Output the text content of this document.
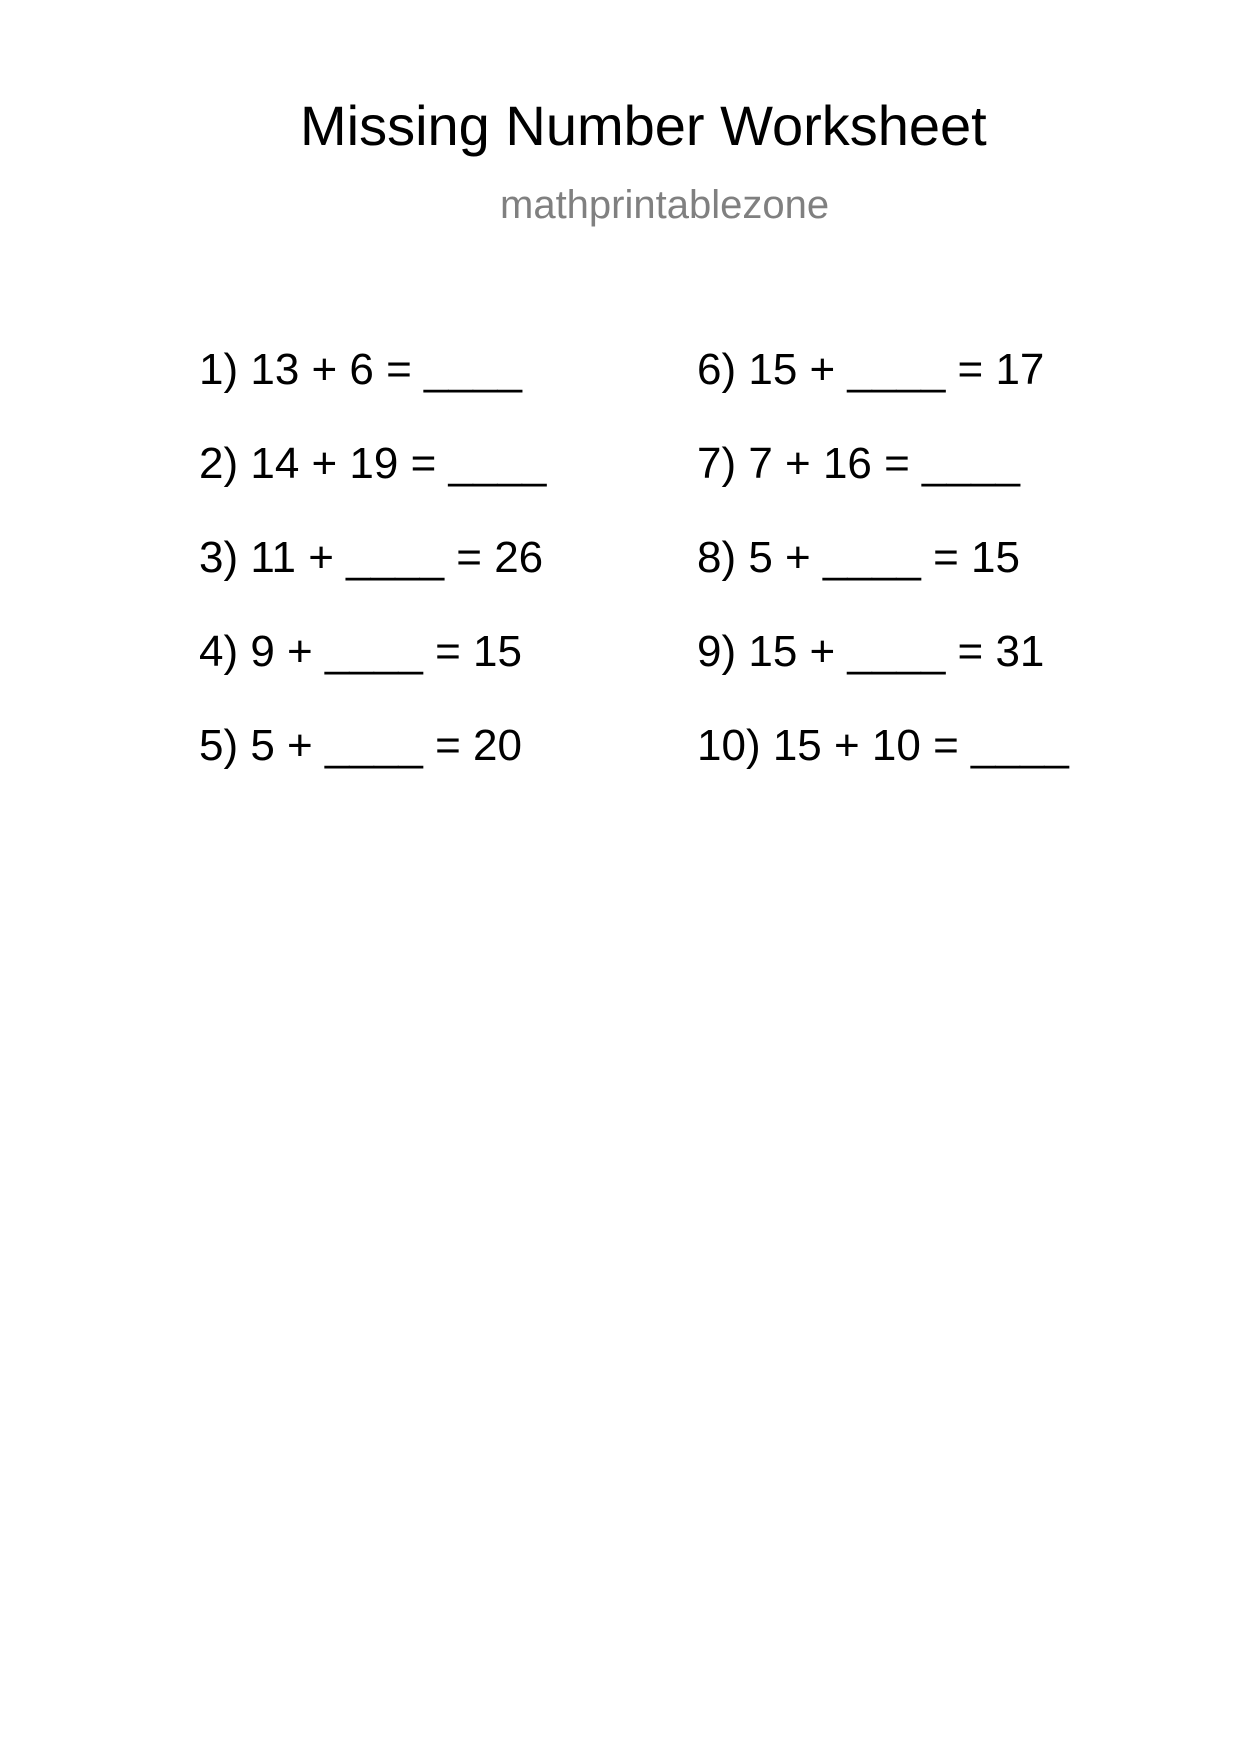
Missing Number Worksheet
mathprintablezone
1) 13 + 6 = ____
2) 14 + 19 = ____
3) 11 + ____ = 26
4) 9 + ____ = 15
5) 5 + ____ = 20
6) 15 + ____ = 17
7) 7 + 16 = ____
8) 5 + ____ = 15
9) 15 + ____ = 31
10) 15 + 10 = ____
